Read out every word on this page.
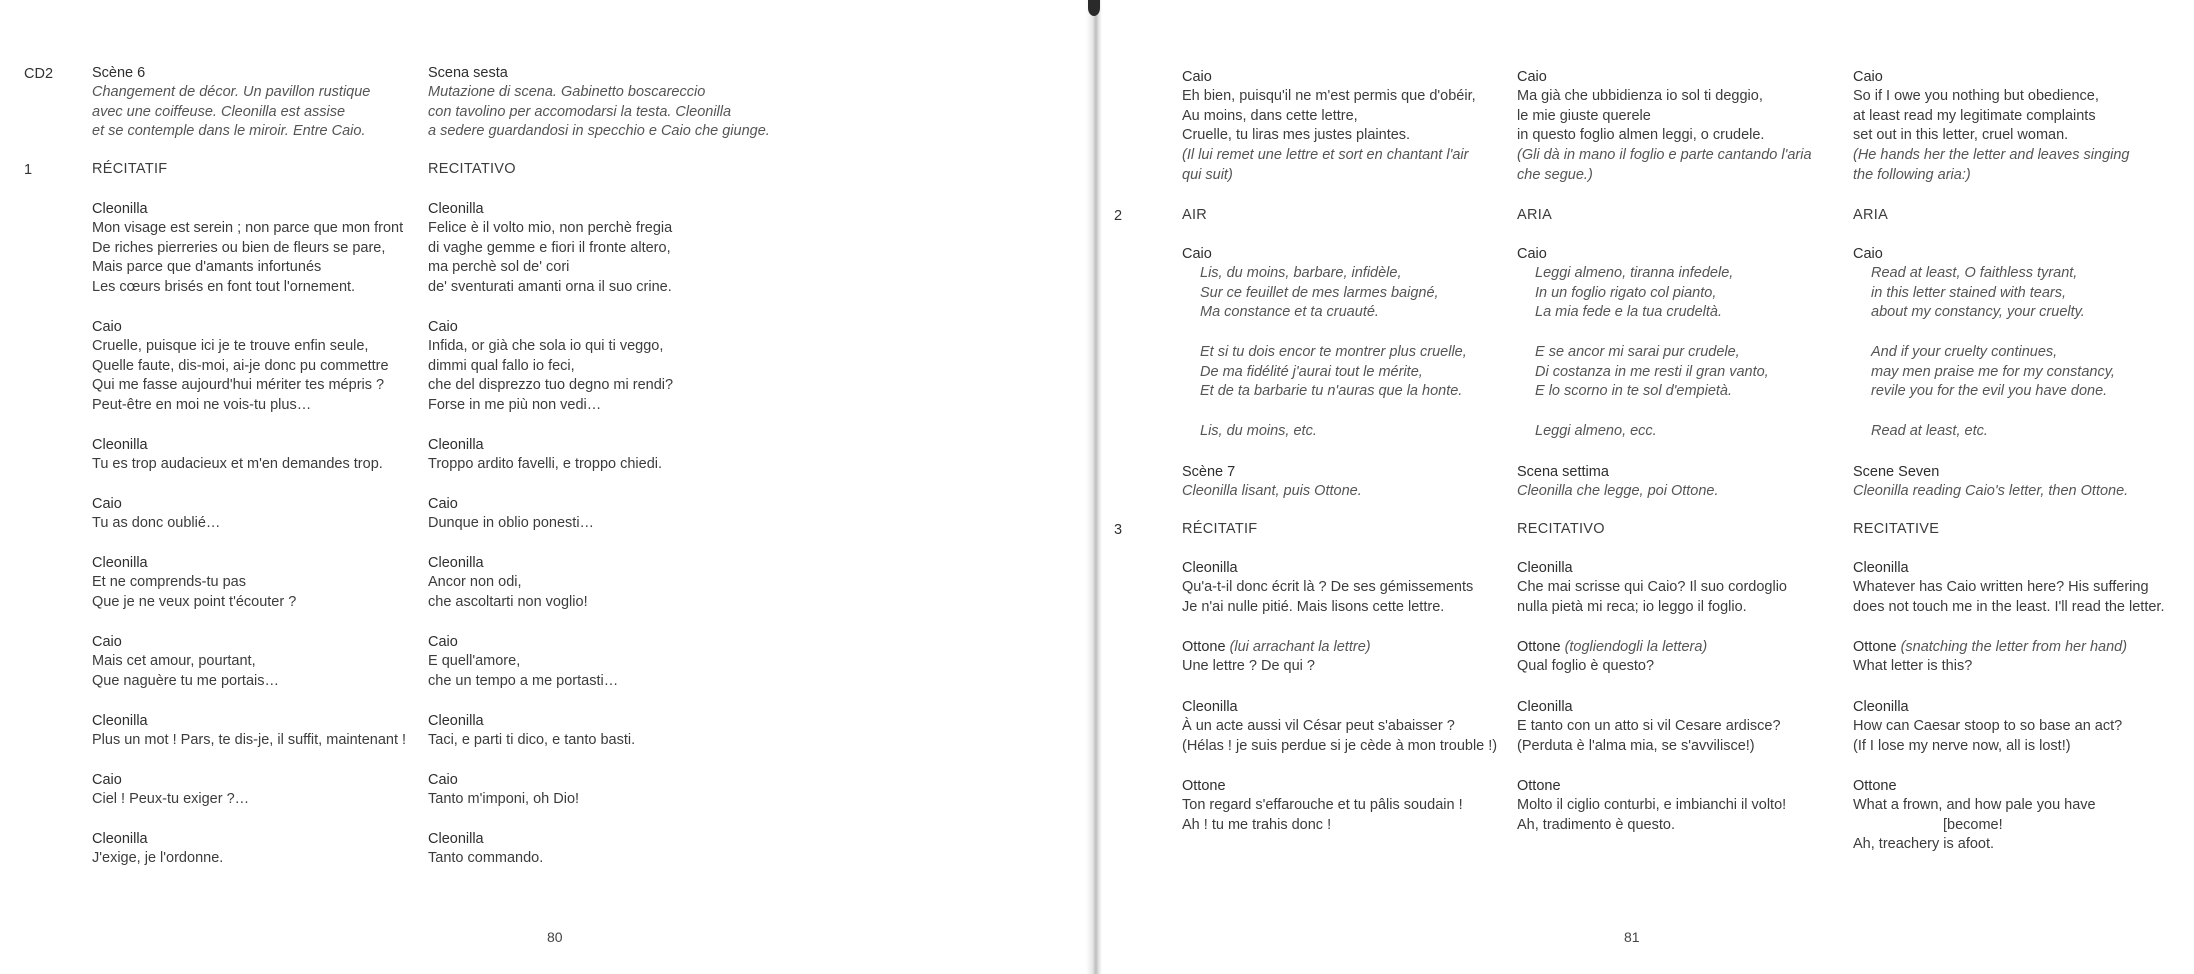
CD2
1
Scène 6
Changement de décor. Un pavillon rustique
avec une coiffeuse. Cleonilla est assise
et se contemple dans le miroir. Entre Caio.
RÉCITATIF
Cleonilla
Mon visage est serein ; non parce que mon front
De riches pierreries ou bien de fleurs se pare,
Mais parce que d'amants infortunés
Les cœurs brisés en font tout l'ornement.
Caio
Cruelle, puisque ici je te trouve enfin seule,
Quelle faute, dis-moi, ai-je donc pu commettre
Qui me fasse aujourd'hui mériter tes mépris ?
Peut-être en moi ne vois-tu plus…
Cleonilla
Tu es trop audacieux et m'en demandes trop.
Caio
Tu as donc oublié…
Cleonilla
Et ne comprends-tu pas
Que je ne veux point t'écouter ?
Caio
Mais cet amour, pourtant,
Que naguère tu me portais…
Cleonilla
Plus un mot ! Pars, te dis-je, il suffit, maintenant !
Caio
Ciel ! Peux-tu exiger ?…
Cleonilla
J'exige, je l'ordonne.
Scena sesta
Mutazione di scena. Gabinetto boscareccio
con tavolino per accomodarsi la testa. Cleonilla
a sedere guardandosi in specchio e Caio che giunge.
RECITATIVO
Cleonilla
Felice è il volto mio, non perchè fregia
di vaghe gemme e fiori il fronte altero,
ma perchè sol de' cori
de' sventurati amanti orna il suo crine.
Caio
Infida, or già che sola io qui ti veggo,
dimmi qual fallo io feci,
che del disprezzo tuo degno mi rendi?
Forse in me più non vedi…
Cleonilla
Troppo ardito favelli, e troppo chiedi.
Caio
Dunque in oblio ponesti…
Cleonilla
Ancor non odi,
che ascoltarti non voglio!
Caio
E quell'amore,
che un tempo a me portasti…
Cleonilla
Taci, e parti ti dico, e tanto basti.
Caio
Tanto m'imponi, oh Dio!
Cleonilla
Tanto commando.
80
2
3
Caio
Eh bien, puisqu'il ne m'est permis que d'obéir,
Au moins, dans cette lettre,
Cruelle, tu liras mes justes plaintes.
(Il lui remet une lettre et sort en chantant l'air
qui suit)
AIR
Caio
Lis, du moins, barbare, infidèle,
Sur ce feuillet de mes larmes baigné,
Ma constance et ta cruauté.
Et si tu dois encor te montrer plus cruelle,
De ma fidélité j'aurai tout le mérite,
Et de ta barbarie tu n'auras que la honte.
Lis, du moins, etc.
Scène 7
Cleonilla lisant, puis Ottone.
RÉCITATIF
Cleonilla
Qu'a-t-il donc écrit là ? De ses gémissements
Je n'ai nulle pitié. Mais lisons cette lettre.
Ottone (lui arrachant la lettre)
Une lettre ? De qui ?
Cleonilla
À un acte aussi vil César peut s'abaisser ?
(Hélas ! je suis perdue si je cède à mon trouble !)
Ottone
Ton regard s'effarouche et tu pâlis soudain !
Ah ! tu me trahis donc !
Caio
Ma già che ubbidienza io sol ti deggio,
le mie giuste querele
in questo foglio almen leggi, o crudele.
(Gli dà in mano il foglio e parte cantando l'aria
che segue.)
ARIA
Caio
Leggi almeno, tiranna infedele,
In un foglio rigato col pianto,
La mia fede e la tua crudeltà.
E se ancor mi sarai pur crudele,
Di costanza in me resti il gran vanto,
E lo scorno in te sol d'empietà.
Leggi almeno, ecc.
Scena settima
Cleonilla che legge, poi Ottone.
RECITATIVO
Cleonilla
Che mai scrisse qui Caio? Il suo cordoglio
nulla pietà mi reca; io leggo il foglio.
Ottone (togliendogli la lettera)
Qual foglio è questo?
Cleonilla
E tanto con un atto si vil Cesare ardisce?
(Perduta è l'alma mia, se s'avvilisce!)
Ottone
Molto il ciglio conturbi, e imbianchi il volto!
Ah, tradimento è questo.
Caio
So if I owe you nothing but obedience,
at least read my legitimate complaints
set out in this letter, cruel woman.
(He hands her the letter and leaves singing
the following aria:)
ARIA
Caio
Read at least, O faithless tyrant,
in this letter stained with tears,
about my constancy, your cruelty.
And if your cruelty continues,
may men praise me for my constancy,
revile you for the evil you have done.
Read at least, etc.
Scene Seven
Cleonilla reading Caio's letter, then Ottone.
RECITATIVE
Cleonilla
Whatever has Caio written here? His suffering
does not touch me in the least. I'll read the letter.
Ottone (snatching the letter from her hand)
What letter is this?
Cleonilla
How can Caesar stoop to so base an act?
(If I lose my nerve now, all is lost!)
Ottone
What a frown, and how pale you have
[become!
Ah, treachery is afoot.
81
